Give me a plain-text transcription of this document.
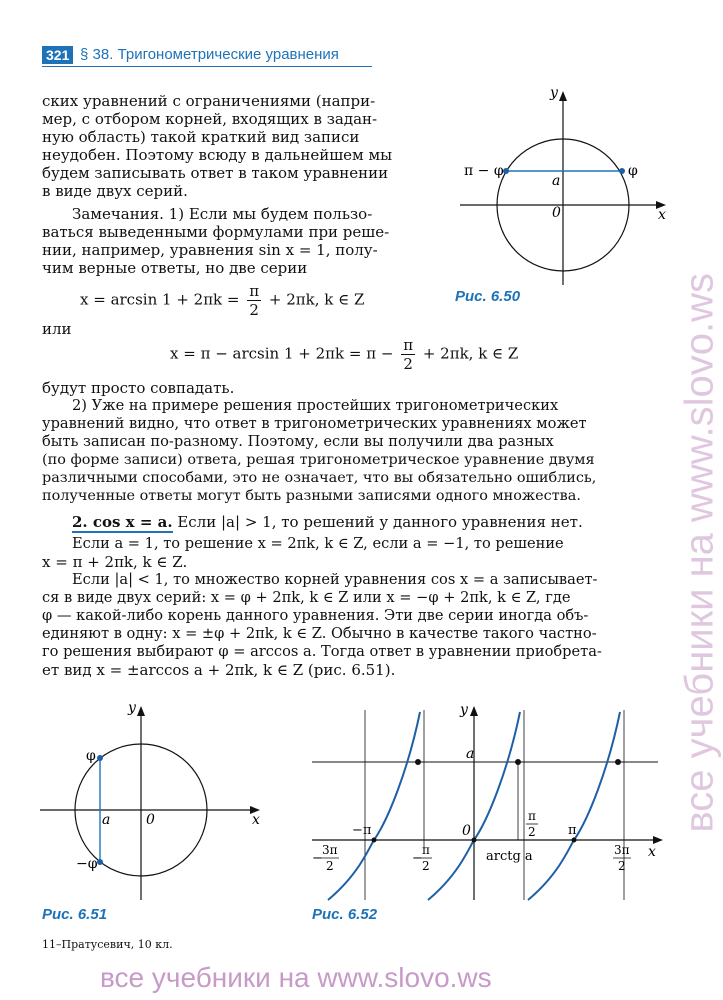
321 § 38. Тригонометрические уравнения
ских уравнений с ограничениями (напри-
мер, с отбором корней, входящих в задан-
ную область) такой краткий вид записи
неудобен. Поэтому всюду в дальнейшем мы
будем записывать ответ в таком уравнении
в виде двух серий.
Замечания. 1) Если мы будем пользо-
ваться выведенными формулами при реше-
нии, например, уравнения sin x = 1, полу-
чим верные ответы, но две серии
y
x
0
a
π − φ	φ
Рис. 6.50
$x = \arcsin 1 + 2\pi k = \frac{\pi}{2} + 2\pi k$, k ∈ Z
или
$x = \pi - \arcsin 1 + 2\pi k = \pi - \frac{\pi}{2} + 2\pi k$, k ∈ Z
будут просто совпадать.
2) Уже на примере решения простейших тригонометрических
уравнений видно, что ответ в тригонометрических уравнениях может
быть записан по-разному. Поэтому, если вы получили два разных
(по форме записи) ответа, решая тригонометрическое уравнение двумя
различными способами, это не означает, что вы обязательно ошиблись,
полученные ответы могут быть разными записями одного множества.
2. cos x = a. Если |a| > 1, то решений у данного уравнения нет.
Если a = 1, то решение x = 2πk, k ∈ Z, если a = −1, то решение
x = π + 2πk, k ∈ Z.
Если |a| < 1, то множество корней уравнения cos x = a записывает-
ся в виде двух серий: x = φ + 2πk, k ∈ Z или x = −φ + 2πk, k ∈ Z, где
φ — какой-либо корень данного уравнения. Эти две серии иногда объ-
единяют в одну: x = ±φ + 2πk, k ∈ Z. Обычно в качестве такого частно-
го решения выбирают φ = arccos a. Тогда ответ в уравнении приобрета-
ет вид x = ±arccos a + 2πk, k ∈ Z (рис. 6.51).
y
x
0
a
φ
−φ
Рис. 6.51
y
x
0
a
−π	π
arctg a
−
3π
2	−
π
2
π
2
3π
2
Рис. 6.52
11–Пратусевич, 10 кл.
все учебники на www.slovo.ws
все учебники на www.slovo.ws
